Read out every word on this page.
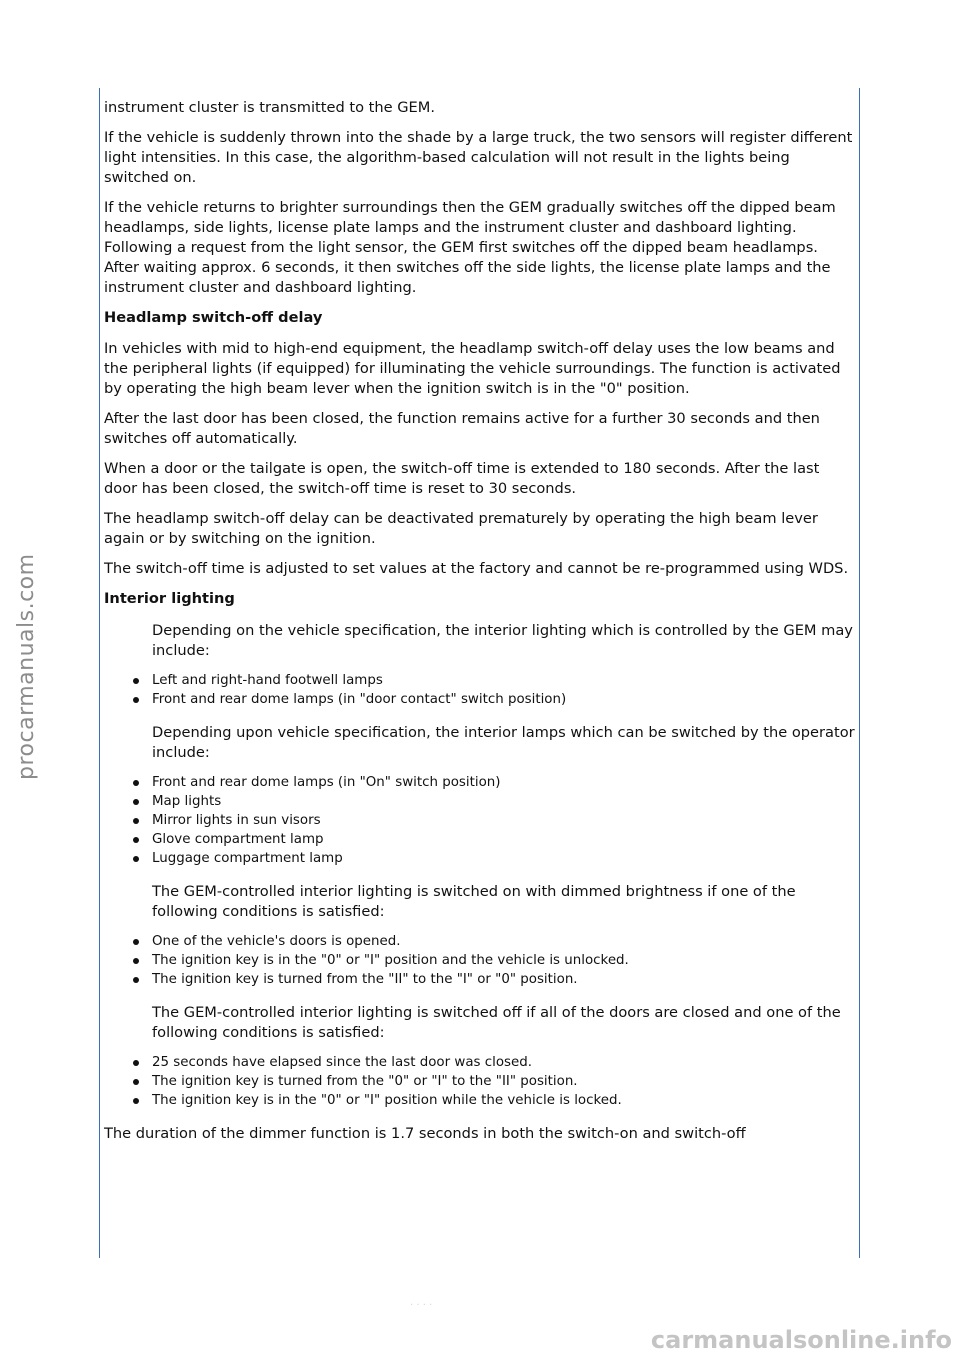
instrument cluster is transmitted to the GEM.

If the vehicle is suddenly thrown into the shade by a large truck, the two sensors will register different light intensities. In this case, the algorithm-based calculation will not result in the lights being switched on.

If the vehicle returns to brighter surroundings then the GEM gradually switches off the dipped beam headlamps, side lights, license plate lamps and the instrument cluster and dashboard lighting. Following a request from the light sensor, the GEM first switches off the dipped beam headlamps. After waiting approx. 6 seconds, it then switches off the side lights, the license plate lamps and the instrument cluster and dashboard lighting.

Headlamp switch-off delay

In vehicles with mid to high-end equipment, the headlamp switch-off delay uses the low beams and the peripheral lights (if equipped) for illuminating the vehicle surroundings. The function is activated by operating the high beam lever when the ignition switch is in the "0" position.

After the last door has been closed, the function remains active for a further 30 seconds and then switches off automatically.

When a door or the tailgate is open, the switch-off time is extended to 180 seconds. After the last door has been closed, the switch-off time is reset to 30 seconds.

The headlamp switch-off delay can be deactivated prematurely by operating the high beam lever again or by switching on the ignition.

The switch-off time is adjusted to set values at the factory and cannot be re-programmed using WDS.

Interior lighting

Depending on the vehicle specification, the interior lighting which is controlled by the GEM may include:

Left and right-hand footwell lamps
Front and rear dome lamps (in "door contact" switch position)

Depending upon vehicle specification, the interior lamps which can be switched by the operator include:

Front and rear dome lamps (in "On" switch position)
Map lights
Mirror lights in sun visors
Glove compartment lamp
Luggage compartment lamp

The GEM-controlled interior lighting is switched on with dimmed brightness if one of the following conditions is satisfied:

One of the vehicle's doors is opened.
The ignition key is in the "0" or "I" position and the vehicle is unlocked.
The ignition key is turned from the "II" to the "I" or "0" position.

The GEM-controlled interior lighting is switched off if all of the doors are closed and one of the following conditions is satisfied:

25 seconds have elapsed since the last door was closed.
The ignition key is turned from the "0" or "I" to the "II" position.
The ignition key is in the "0" or "I" position while the vehicle is locked.

The duration of the dimmer function is 1.7 seconds in both the switch-on and switch-off

procarmanuals.com
· · · ·
carmanualsonline.info
